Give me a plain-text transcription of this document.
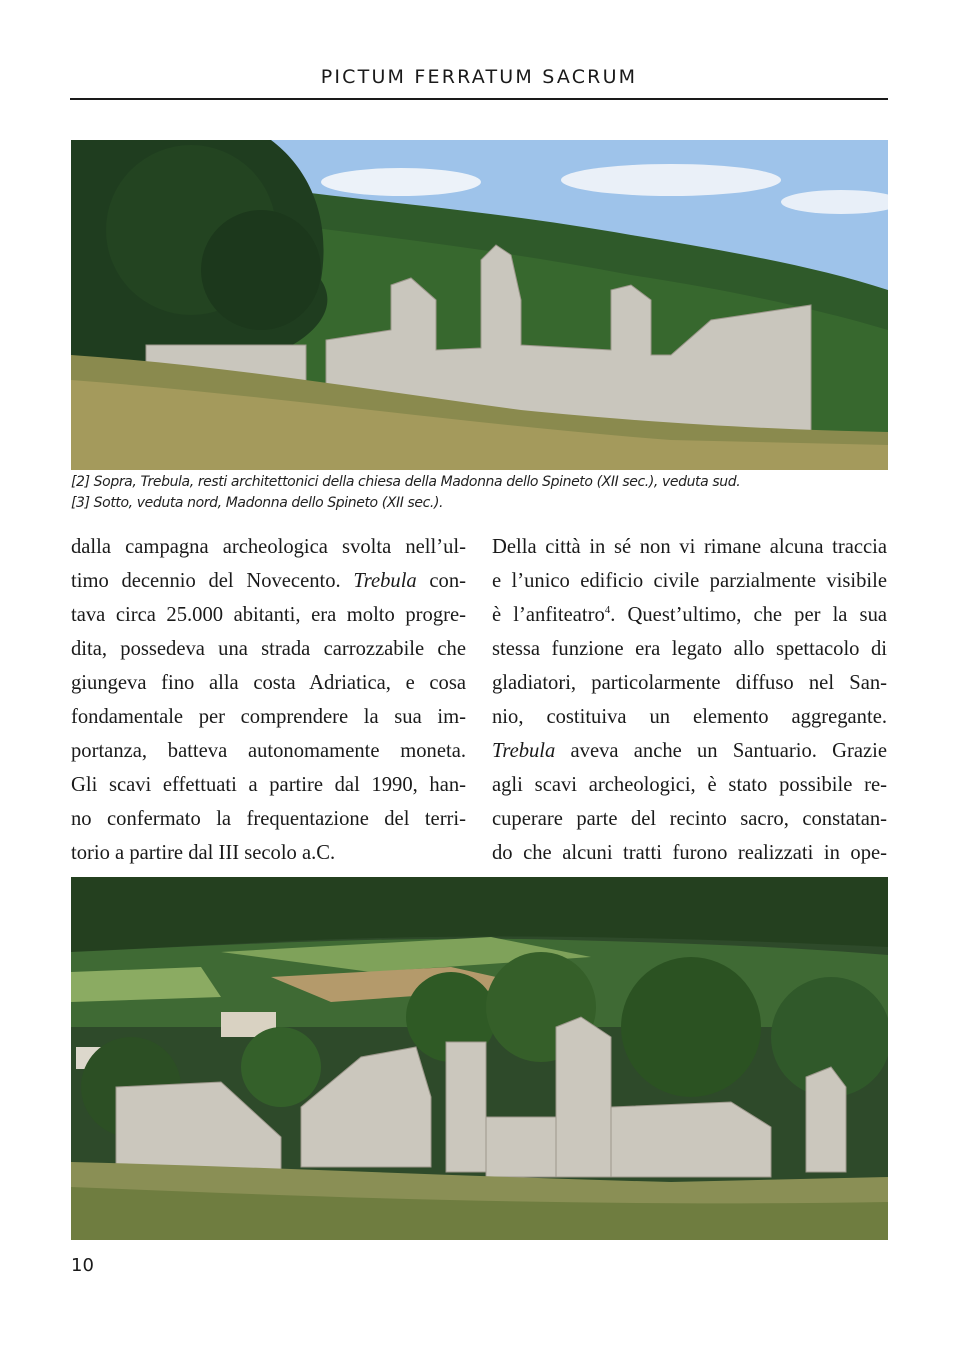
PICTUM FERRATUM SACRUM
[2] Sopra, Trebula, resti architettonici della chiesa della Madonna dello Spineto (XII sec.), veduta sud.
[3] Sotto, veduta nord, Madonna dello Spineto (XII sec.).
dalla campagna archeologica svolta nell’ul-
timo decennio del Novecento. Trebula con-
tava circa 25.000 abitanti, era molto progre-
dita, possedeva una strada carrozzabile che
giungeva fino alla costa Adriatica, e cosa
fondamentale per comprendere la sua im-
portanza, batteva autonomamente moneta.
Gli scavi effettuati a partire dal 1990, han-
no confermato la frequentazione del terri-
torio a partire dal III secolo a.C.
Della città in sé non vi rimane alcuna traccia
e l’unico edificio civile parzialmente visibile
è l’anfiteatro$^4$. Quest’ultimo, che per la sua
stessa funzione era legato allo spettacolo di
gladiatori, particolarmente diffuso nel San-
nio, costituiva un elemento aggregante.
Trebula aveva anche un Santuario. Grazie
agli scavi archeologici, è stato possibile re-
cuperare parte del recinto sacro, constatan-
do che alcuni tratti furono realizzati in ope-
10
